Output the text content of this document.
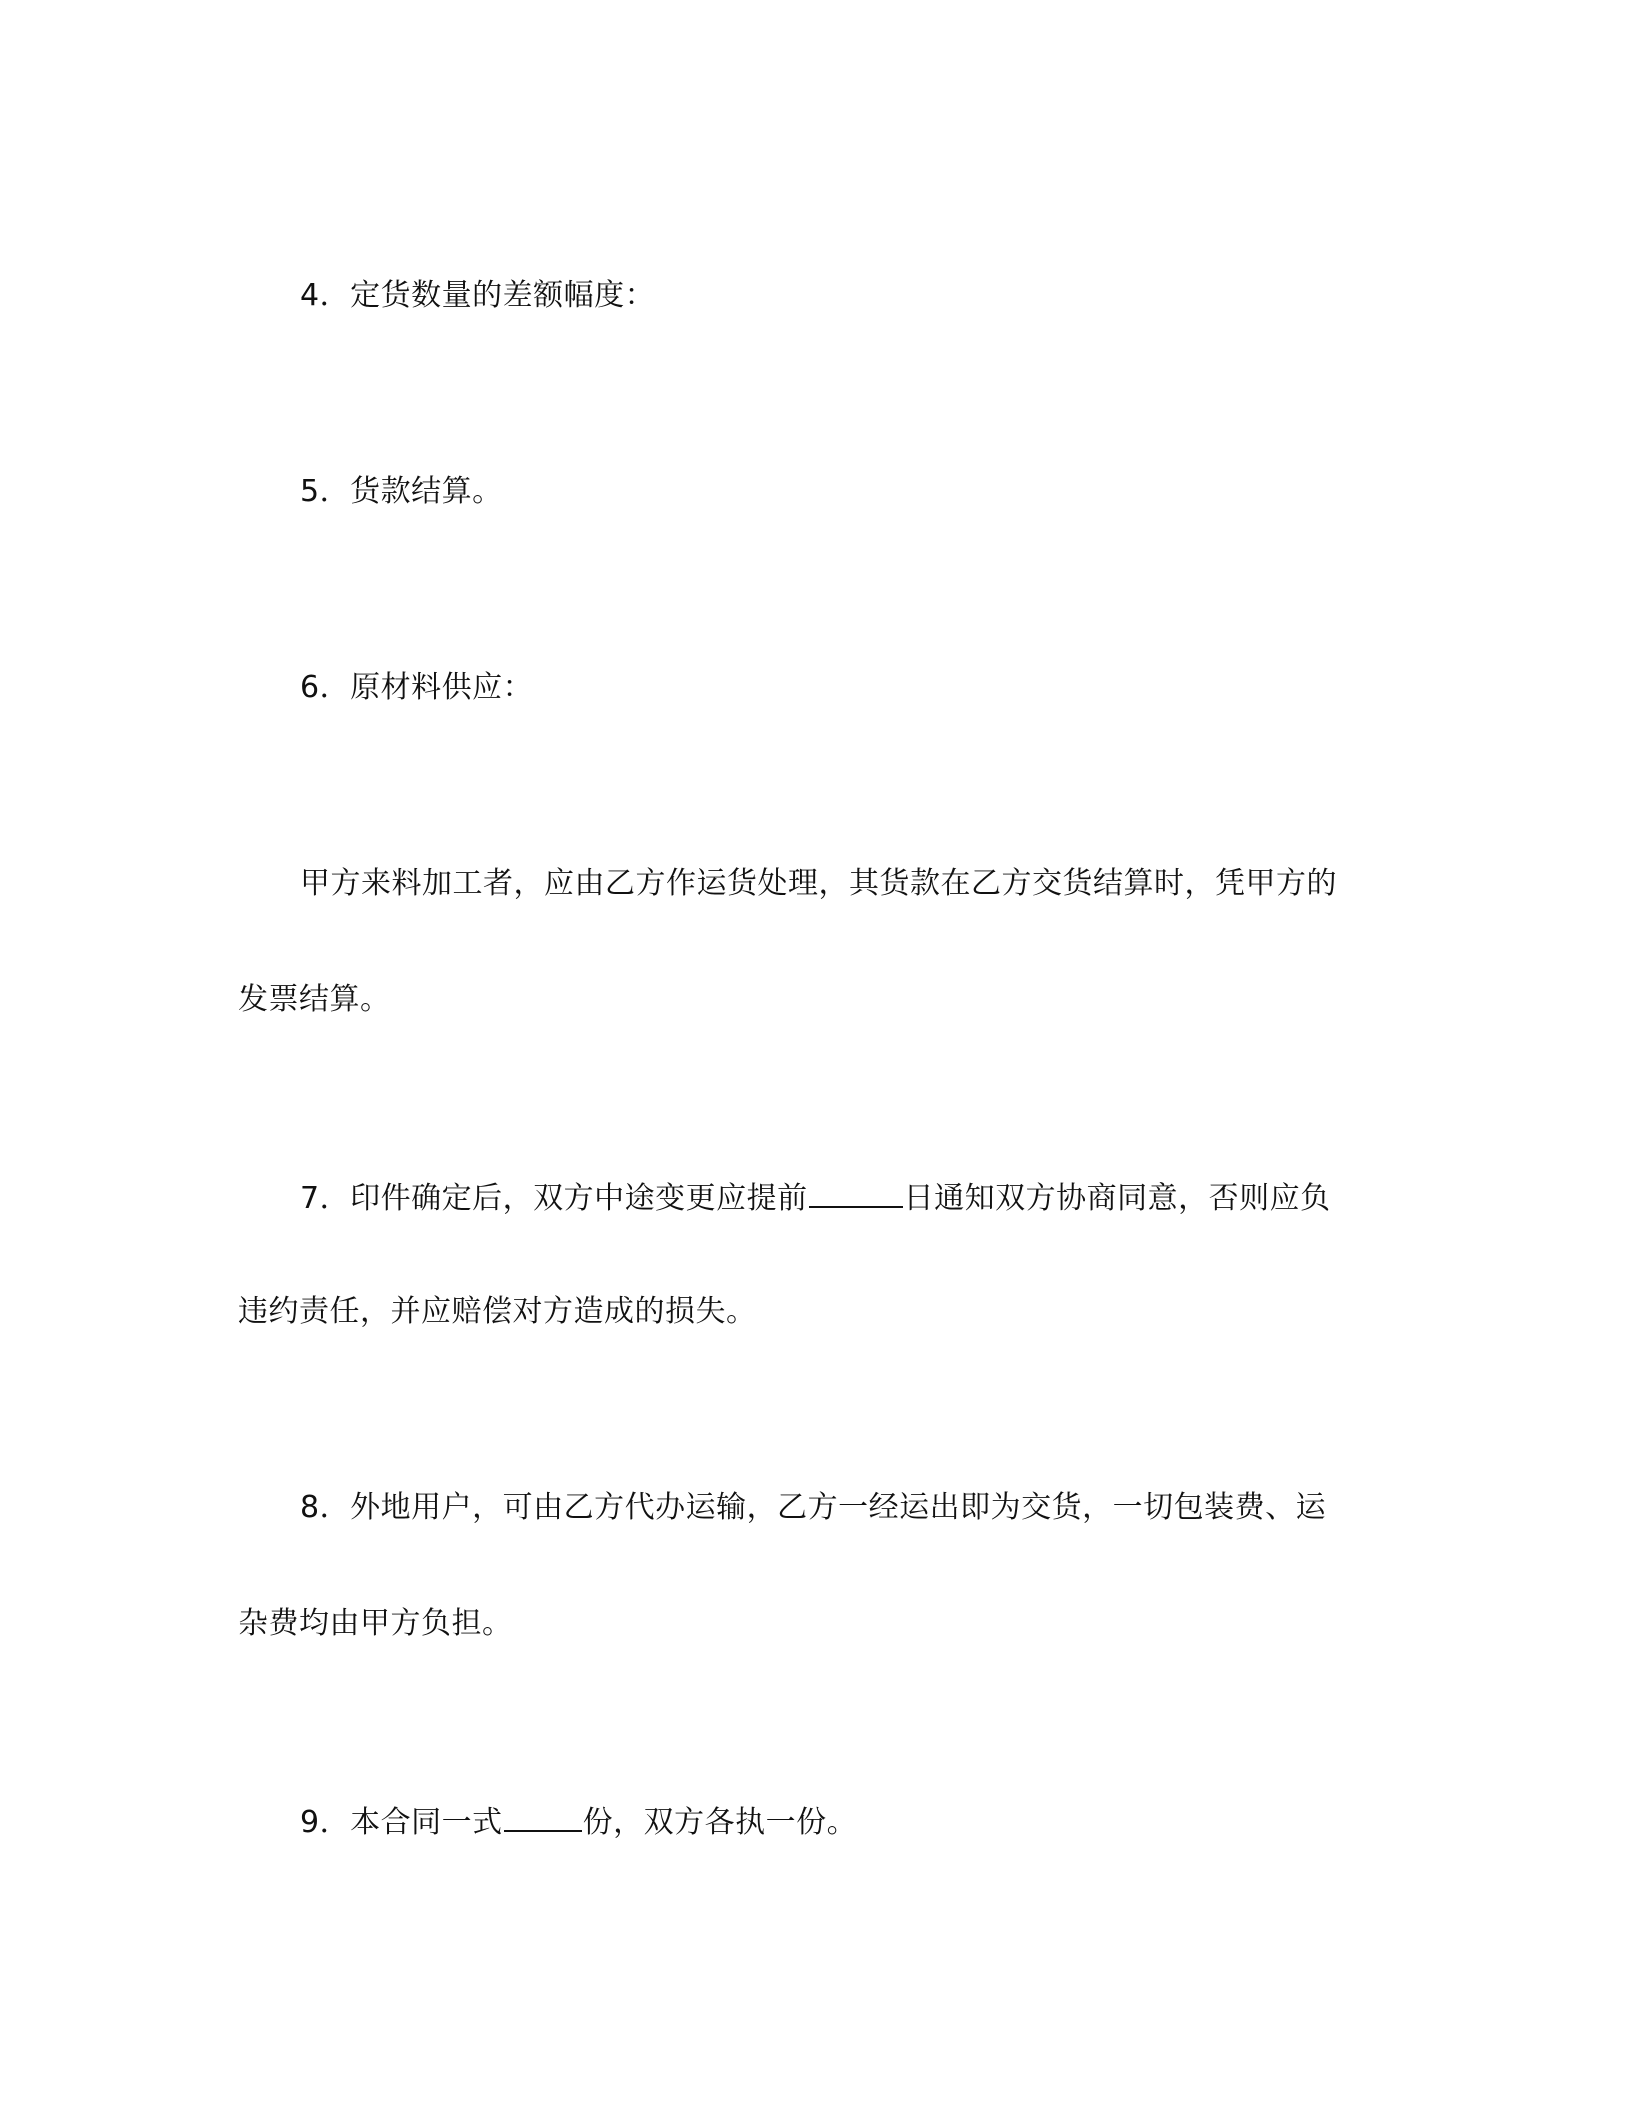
4．定货数量的差额幅度：
5．货款结算。
6．原材料供应：
甲方来料加工者，应由乙方作运货处理，其货款在乙方交货结算时，凭甲方的
发票结算。
7．印件确定后，双方中途变更应提前	日通知双方协商同意，否则应负
违约责任，并应赔偿对方造成的损失。
8．外地用户，可由乙方代办运输，乙方一经运出即为交货，一切包装费、运
杂费均由甲方负担。
9．本合同一式	份，双方各执一份。
